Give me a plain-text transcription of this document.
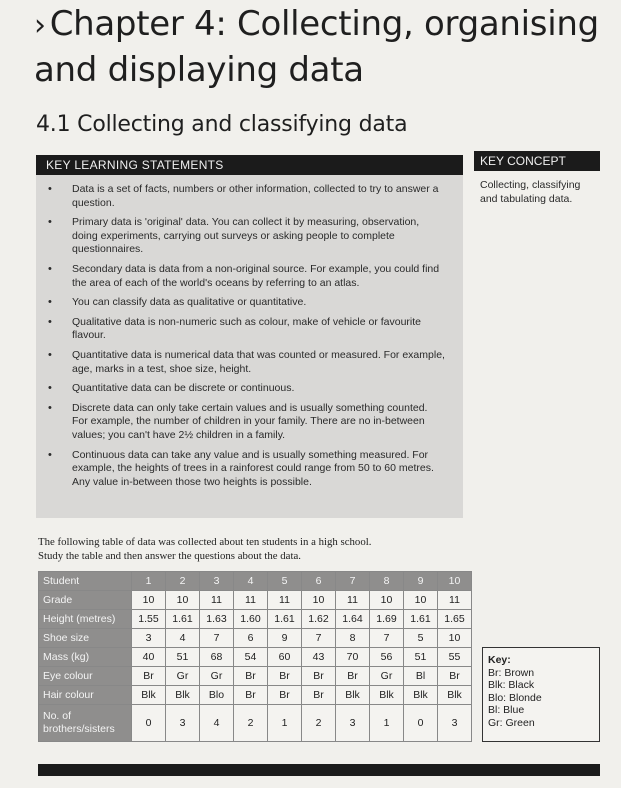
› Chapter 4: Collecting, organising
and displaying data
4.1 Collecting and classifying data
KEY LEARNING STATEMENTS
• Data is a set of facts, numbers or other information, collected to try to answer a question.
• Primary data is 'original' data. You can collect it by measuring, observation, doing experiments, carrying out surveys or asking people to complete questionnaires.
• Secondary data is data from a non-original source. For example, you could find the area of each of the world's oceans by referring to an atlas.
• You can classify data as qualitative or quantitative.
• Qualitative data is non-numeric such as colour, make of vehicle or favourite flavour.
• Quantitative data is numerical data that was counted or measured. For example, age, marks in a test, shoe size, height.
• Quantitative data can be discrete or continuous.
• Discrete data can only take certain values and is usually something counted. For example, the number of children in your family. There are no in-between values; you can't have 2½ children in a family.
• Continuous data can take any value and is usually something measured. For example, the heights of trees in a rainforest could range from 50 to 60 metres. Any value in-between those two heights is possible.
KEY CONCEPT
Collecting, classifying and tabulating data.
The following table of data was collected about ten students in a high school.
Study the table and then answer the questions about the data.
Student	1	2	3	4	5	6	7	8	9	10
Grade	10	10	11	11	11	10	11	10	10	11
Height (metres)	1.55	1.61	1.63	1.60	1.61	1.62	1.64	1.69	1.61	1.65
Shoe size	3	4	7	6	9	7	8	7	5	10
Mass (kg)	40	51	68	54	60	43	70	56	51	55
Eye colour	Br	Gr	Gr	Br	Br	Br	Br	Gr	Bl	Br
Hair colour	Blk	Blk	Blo	Br	Br	Br	Blk	Blk	Blk	Blk
No. of brothers/sisters	0	3	4	2	1	2	3	1	0	3
Key:
Br: Brown
Blk: Black
Blo: Blonde
Bl: Blue
Gr: Green
